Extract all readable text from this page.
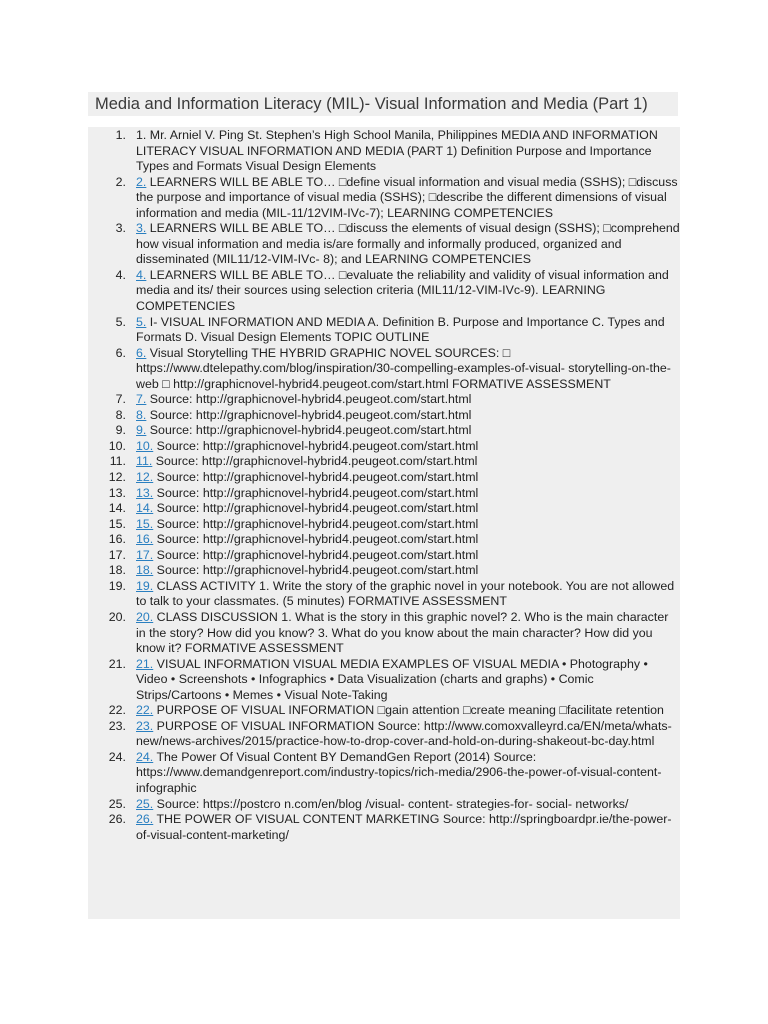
Media and Information Literacy (MIL)- Visual Information and Media (Part 1)
1. 1. Mr. Arniel V. Ping St. Stephen’s High School Manila, Philippines MEDIA AND INFORMATION LITERACY VISUAL INFORMATION AND MEDIA (PART 1) Definition Purpose and Importance Types and Formats Visual Design Elements
2. 2. LEARNERS WILL BE ABLE TO… □define visual information and visual media (SSHS); □discuss the purpose and importance of visual media (SSHS); □describe the different dimensions of visual information and media (MIL-11/12VIM-IVc-7); LEARNING COMPETENCIES
3. 3. LEARNERS WILL BE ABLE TO… □discuss the elements of visual design (SSHS); □comprehend how visual information and media is/are formally and informally produced, organized and disseminated (MIL11/12-VIM-IVc- 8); and LEARNING COMPETENCIES
4. 4. LEARNERS WILL BE ABLE TO… □evaluate the reliability and validity of visual information and media and its/ their sources using selection criteria (MIL11/12-VIM-IVc-9). LEARNING COMPETENCIES
5. 5. I- VISUAL INFORMATION AND MEDIA A. Definition B. Purpose and Importance C. Types and Formats D. Visual Design Elements TOPIC OUTLINE
6. 6. Visual Storytelling THE HYBRID GRAPHIC NOVEL SOURCES: □ https://www.dtelepathy.com/blog/inspiration/30-compelling-examples-of-visual- storytelling-on-the-web □ http://graphicnovel-hybrid4.peugeot.com/start.html FORMATIVE ASSESSMENT
7. 7. Source: http://graphicnovel-hybrid4.peugeot.com/start.html
8. 8. Source: http://graphicnovel-hybrid4.peugeot.com/start.html
9. 9. Source: http://graphicnovel-hybrid4.peugeot.com/start.html
10. 10. Source: http://graphicnovel-hybrid4.peugeot.com/start.html
11. 11. Source: http://graphicnovel-hybrid4.peugeot.com/start.html
12. 12. Source: http://graphicnovel-hybrid4.peugeot.com/start.html
13. 13. Source: http://graphicnovel-hybrid4.peugeot.com/start.html
14. 14. Source: http://graphicnovel-hybrid4.peugeot.com/start.html
15. 15. Source: http://graphicnovel-hybrid4.peugeot.com/start.html
16. 16. Source: http://graphicnovel-hybrid4.peugeot.com/start.html
17. 17. Source: http://graphicnovel-hybrid4.peugeot.com/start.html
18. 18. Source: http://graphicnovel-hybrid4.peugeot.com/start.html
19. 19. CLASS ACTIVITY 1. Write the story of the graphic novel in your notebook. You are not allowed to talk to your classmates. (5 minutes) FORMATIVE ASSESSMENT
20. 20. CLASS DISCUSSION 1. What is the story in this graphic novel? 2. Who is the main character in the story? How did you know? 3. What do you know about the main character? How did you know it? FORMATIVE ASSESSMENT
21. 21. VISUAL INFORMATION VISUAL MEDIA EXAMPLES OF VISUAL MEDIA • Photography • Video • Screenshots • Infographics • Data Visualization (charts and graphs) • Comic Strips/Cartoons • Memes • Visual Note-Taking
22. 22. PURPOSE OF VISUAL INFORMATION □gain attention □create meaning □facilitate retention
23. 23. PURPOSE OF VISUAL INFORMATION Source: http://www.comoxvalleyrd.ca/EN/meta/whats-new/news-archives/2015/practice-how-to-drop-cover-and-hold-on-during-shakeout-bc-day.html
24. 24. The Power Of Visual Content BY DemandGen Report (2014) Source: https://www.demandgenreport.com/industry-topics/rich-media/2906-the-power-of-visual-content-infographic
25. 25. Source: https://postcro n.com/en/blog /visual- content- strategies-for- social- networks/
26. 26. THE POWER OF VISUAL CONTENT MARKETING Source: http://springboardpr.ie/the-power-of-visual-content-marketing/
